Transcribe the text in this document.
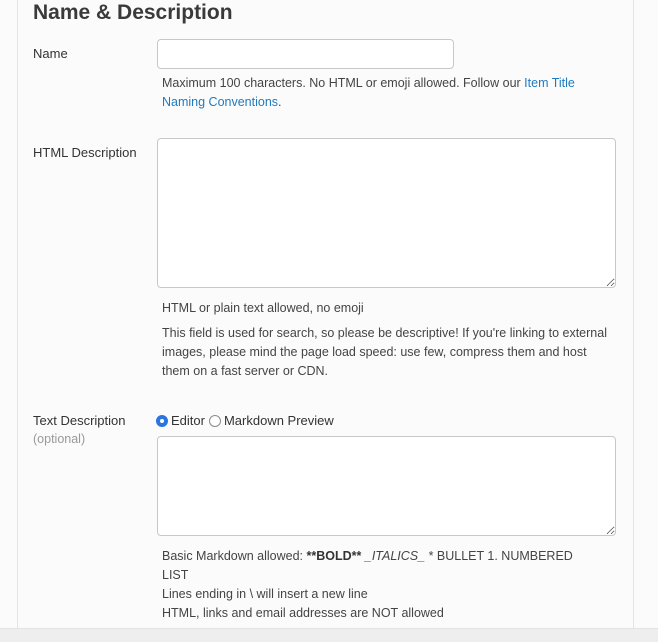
Name & Description
Name
Maximum 100 characters. No HTML or emoji allowed. Follow our Item Title Naming Conventions.
HTML Description
HTML or plain text allowed, no emoji
This field is used for search, so please be descriptive! If you're linking to external images, please mind the page load speed: use few, compress them and host them on a fast server or CDN.
Text Description
(optional)
Editor Markdown Preview
Basic Markdown allowed: **BOLD** _ITALICS_ * BULLET 1. NUMBERED LIST
Lines ending in \ will insert a new line
HTML, links and email addresses are NOT allowed
